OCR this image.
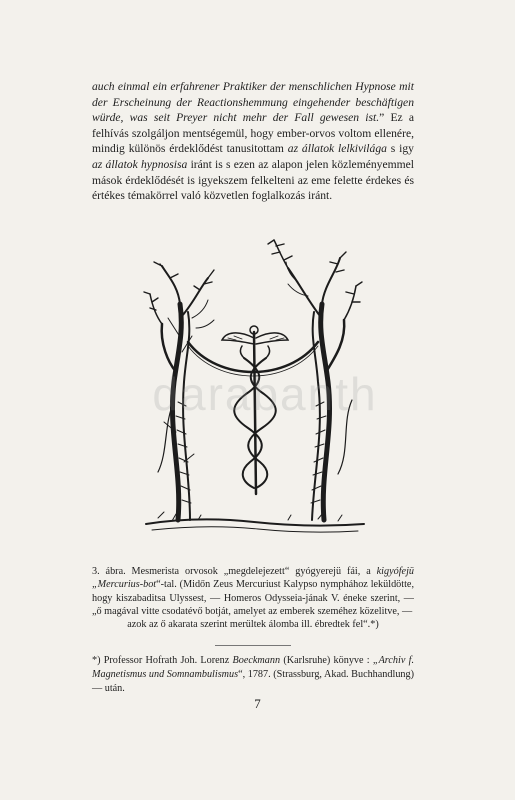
auch einmal ein erfahrener Praktiker der menschlichen Hypnose mit der Erscheinung der Reactionshemmung eingehender beschäftigen würde, was seit Preyer nicht mehr der Fall gewesen ist.” Ez a felhívás szolgáljon mentségemül, hogy ember-orvos voltom ellenére, mindig különös érdeklődést tanusitottam az állatok lelkivilága s igy az állatok hypnosisa iránt is s ezen az alapon jelen közleményemmel mások érdeklődését is igyekszem felkelteni az eme felette érdekes és értékes témakörrel való közvetlen foglalkozás iránt.

3. ábra. Mesmerista orvosok „megdelejezett“ gyógyerejü fái, a kigyófejü „Mercurius-bot“-tal. (Midőn Zeus Mercuriust Kalypso nymphához leküldötte, hogy kiszabaditsa Ulyssest, — Homeros Odysseia-jának V. éneke szerint, — „ő magával vitte csodatévő botját, amelyet az emberek szeméhez közelitve, —
azok az ő akarata szerint merültek álomba ill. ébredtek fel“.*)
*) Professor Hofrath Joh. Lorenz Boeckmann (Karlsruhe) könyve : „Archiv f. Magnetismus und Somnambulismus“, 1787. (Strassburg, Akad. Buchhandlung) — után.
7
darabanth
